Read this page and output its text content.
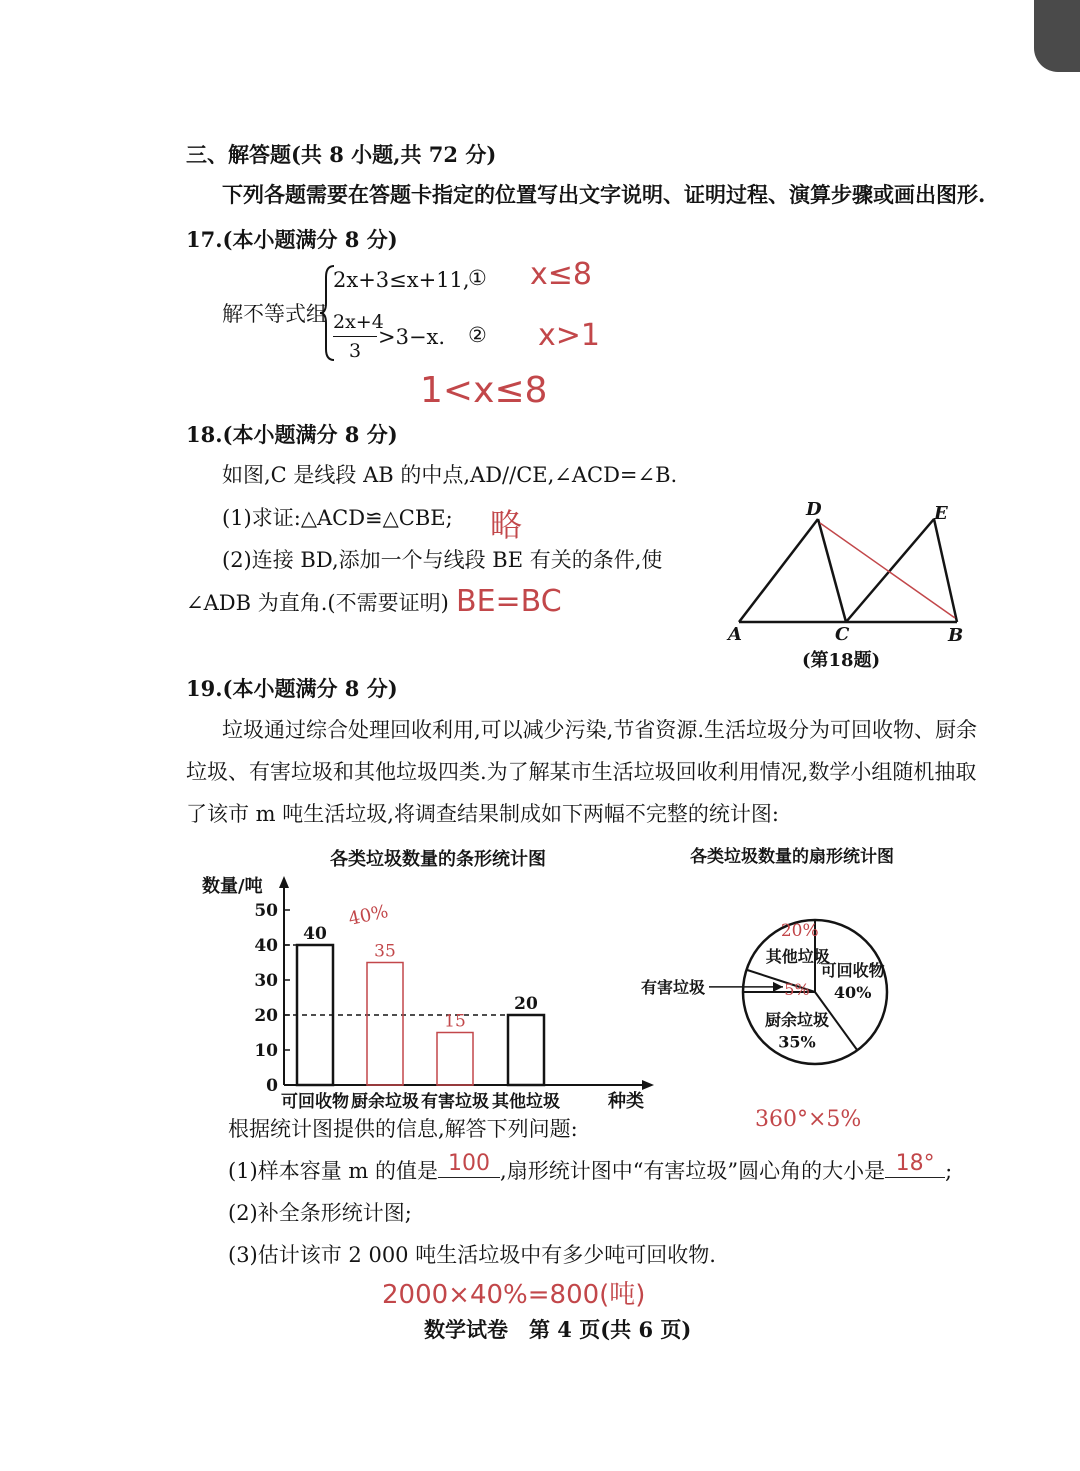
三、解答题(共 8 小题,共 72 分)
下列各题需要在答题卡指定的位置写出文字说明、证明过程、演算步骤或画出图形.
17.(本小题满分 8 分)
解不等式组
2x+3≤x+11,
①
2x+4
3
>3−x. ②
x≤8
x>1
1<x≤8
18.(本小题满分 8 分)
如图,C 是线段 AB 的中点,AD//CE,∠ACD=∠B.
(1)求证:△ACD≌△CBE; 略
(2)连接 BD,添加一个与线段 BE 有关的条件,使
∠ADB 为直角.(不需要证明) BE=BC
D	E
A	C	B
(第18题)
19.(本小题满分 8 分)
垃圾通过综合处理回收利用,可以减少污染,节省资源.生活垃圾分为可回收物、厨余
垃圾、有害垃圾和其他垃圾四类.为了解某市生活垃圾回收利用情况,数学小组随机抽取
了该市 m 吨生活垃圾,将调查结果制成如下两幅不完整的统计图:
各类垃圾数量的条形统计图
数量/吨
种类
0
10
20
30
40
50
40
可回收物
35
厨余垃圾
15
有害垃圾
20
其他垃圾
40%
各类垃圾数量的扇形统计图
可回收物
40%
厨余垃圾
35%
有害垃圾	5%
其他垃圾
20%
360°×5%
根据统计图提供的信息,解答下列问题:
(1)样本容量 m 的值是 100 ,扇形统计图中“有害垃圾”圆心角的大小是 18° ;
(2)补全条形统计图;
(3)估计该市 2 000 吨生活垃圾中有多少吨可回收物.
2000×40%=800(吨)
数学试卷　第 4 页(共 6 页)
